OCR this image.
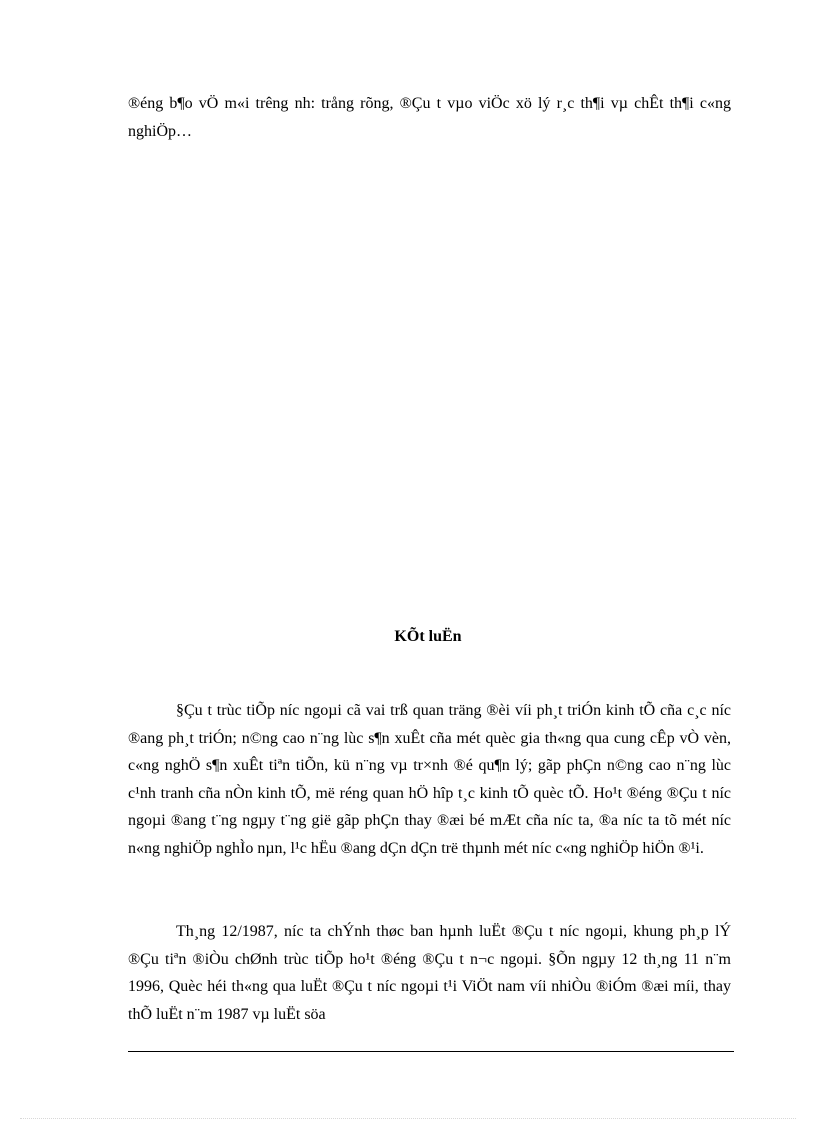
®éng b¶o vÖ m«i trêng nh: trång rõng, ®Çu t vµo viÖc xö lý r¸c th¶i vµ chÊt th¶i c«ng nghiÖp…

KÕt luËn

§Çu t trùc tiÕp níc ngoµi cã vai trß quan träng ®èi víi ph¸t triÓn kinh tÕ cña c¸c níc ®ang ph¸t triÓn; n©ng cao n¨ng lùc s¶n xuÊt cña mét quèc gia th«ng qua cung cÊp vÒ vèn, c«ng nghÖ s¶n xuÊt tiªn tiÕn, kü n¨ng vµ tr×nh ®é qu¶n lý; gãp phÇn n©ng cao n¨ng lùc c¹nh tranh cña nÒn kinh tÕ, më réng quan hÖ hîp t¸c kinh tÕ quèc tÕ. Ho¹t ®éng ®Çu t níc ngoµi ®ang t¨ng ngµy t¨ng gië gãp phÇn thay ®æi bé mÆt cña níc ta, ®a níc ta tõ mét níc n«ng nghiÖp nghÌo nµn, l¹c hËu ®ang dÇn dÇn trë thµnh mét níc c«ng nghiÖp hiÖn ®¹i.

Th¸ng 12/1987, níc ta chÝnh thøc ban hµnh luËt ®Çu t níc ngoµi, khung ph¸p lÝ ®Çu tiªn ®iÒu chØnh trùc tiÕp ho¹t ®éng ®Çu t n¬c ngoµi. §Õn ngµy 12 th¸ng 11 n¨m 1996, Quèc héi th«ng qua luËt ®Çu t níc ngoµi t¹i ViÖt nam víi nhiÒu ®iÓm ®æi míi, thay thÕ luËt n¨m 1987 vµ luËt söa
